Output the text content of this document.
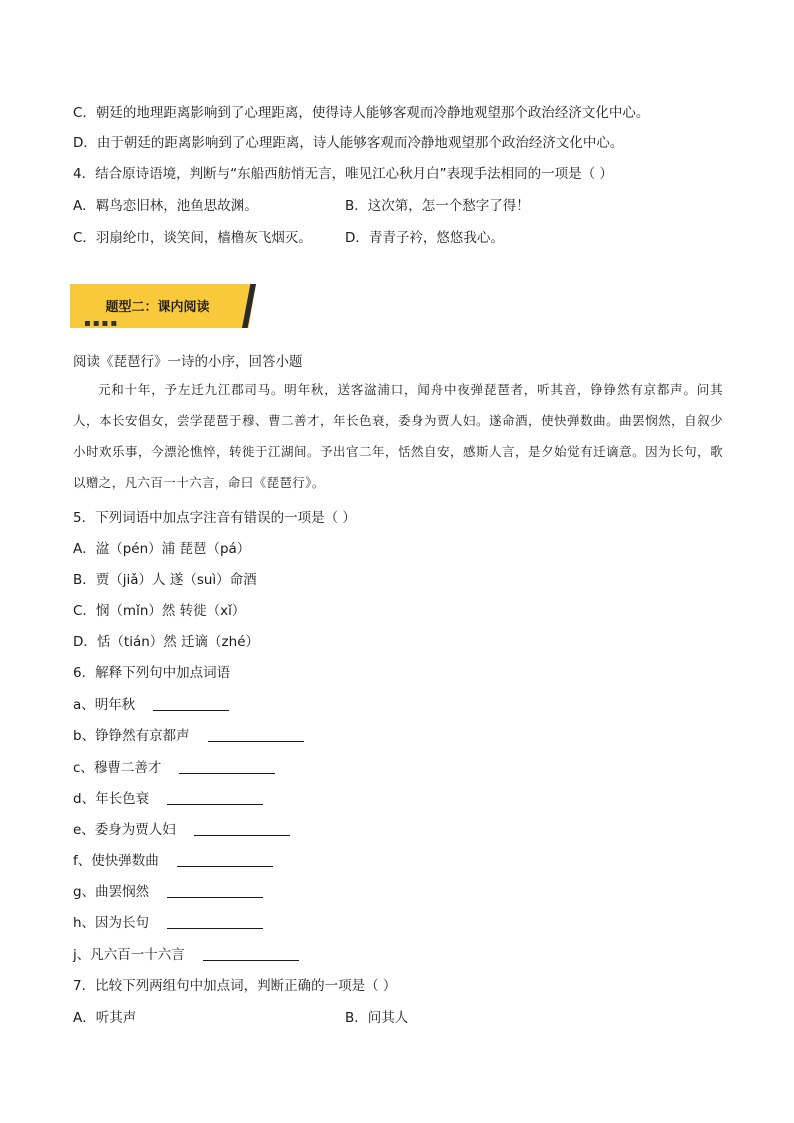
C．朝廷的地理距离影响到了心理距离，使得诗人能够客观而冷静地观望那个政治经济文化中心。
D．由于朝廷的距离影响到了心理距离，诗人能够客观而冷静地观望那个政治经济文化中心。
4．结合原诗语境，判断与“东船西舫悄无言，唯见江心秋月白”表现手法相同的一项是（ ）
A．羁鸟恋旧林，池鱼思故渊。	B．这次第，怎一个愁字了得！
C．羽扇纶巾，谈笑间，樯橹灰飞烟灭。 D．青青子衿，悠悠我心。
题型二：课内阅读
▪▪▪▪
阅读《琵琶行》一诗的小序，回答小题
元和十年，予左迁九江郡司马。明年秋，送客湓浦口，闻舟中夜弹琵琶者，听其音，铮铮然有京都声。问其人，本长安倡女，尝学琵琶于穆、曹二善才，年长色衰，委身为贾人妇。遂命酒，使快弹数曲。曲罢悯然，自叙少小时欢乐事，今漂沦憔悴，转徙于江湖间。予出官二年，恬然自安，感斯人言，是夕始觉有迁谪意。因为长句，歌以赠之，凡六百一十六言，命曰《琵琶行》。
5．下列词语中加点字注音有错误的一项是（ ）
A．湓（pén）浦 琵琶（pá）
B．贾（jiǎ）人 遂（suì）命酒
C．悯（mǐn）然 转徙（xǐ）
D．恬（tián）然 迁谪（zhé）
6．解释下列句中加点词语
a、明年秋
b、铮铮然有京都声
c、穆曹二善才
d、年长色衰
e、委身为贾人妇
f、使快弹数曲
g、曲罢悯然
h、因为长句
j、凡六百一十六言
7．比较下列两组句中加点词，判断正确的一项是（ ）
A．听其声	B．问其人
